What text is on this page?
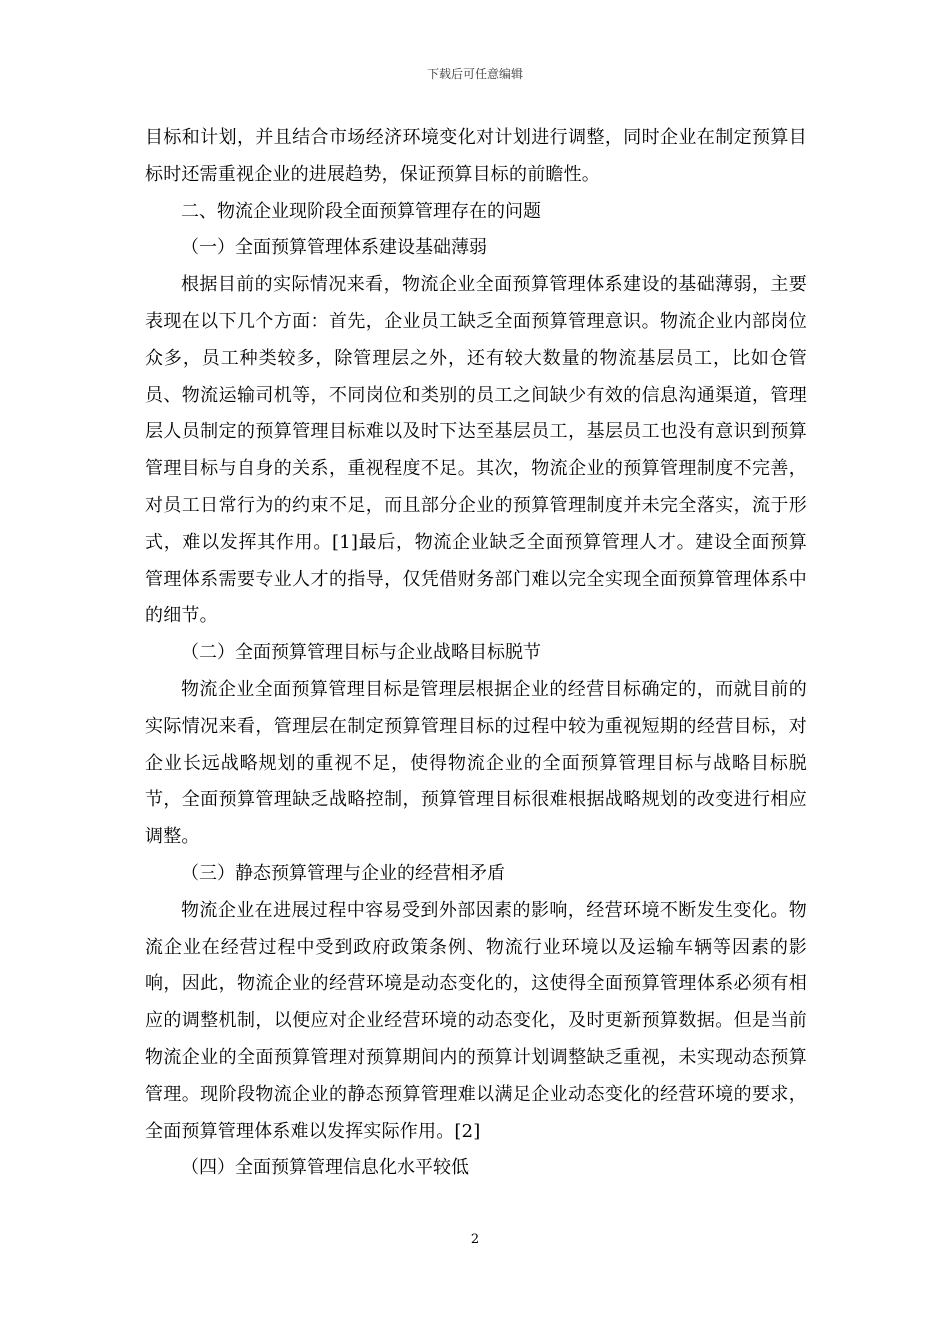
下载后可任意编辑

目标和计划，并且结合市场经济环境变化对计划进行调整，同时企业在制定预算目标时还需重视企业的进展趋势，保证预算目标的前瞻性。

二、物流企业现阶段全面预算管理存在的问题

（一）全面预算管理体系建设基础薄弱

根据目前的实际情况来看，物流企业全面预算管理体系建设的基础薄弱，主要表现在以下几个方面：首先，企业员工缺乏全面预算管理意识。物流企业内部岗位众多，员工种类较多，除管理层之外，还有较大数量的物流基层员工，比如仓管员、物流运输司机等，不同岗位和类别的员工之间缺少有效的信息沟通渠道，管理层人员制定的预算管理目标难以及时下达至基层员工，基层员工也没有意识到预算管理目标与自身的关系，重视程度不足。其次，物流企业的预算管理制度不完善，对员工日常行为的约束不足，而且部分企业的预算管理制度并未完全落实，流于形式，难以发挥其作用。[1]最后，物流企业缺乏全面预算管理人才。建设全面预算管理体系需要专业人才的指导，仅凭借财务部门难以完全实现全面预算管理体系中的细节。

（二）全面预算管理目标与企业战略目标脱节

物流企业全面预算管理目标是管理层根据企业的经营目标确定的，而就目前的实际情况来看，管理层在制定预算管理目标的过程中较为重视短期的经营目标，对企业长远战略规划的重视不足，使得物流企业的全面预算管理目标与战略目标脱节，全面预算管理缺乏战略控制，预算管理目标很难根据战略规划的改变进行相应调整。

（三）静态预算管理与企业的经营相矛盾

物流企业在进展过程中容易受到外部因素的影响，经营环境不断发生变化。物流企业在经营过程中受到政府政策条例、物流行业环境以及运输车辆等因素的影响，因此，物流企业的经营环境是动态变化的，这使得全面预算管理体系必须有相应的调整机制，以便应对企业经营环境的动态变化，及时更新预算数据。但是当前物流企业的全面预算管理对预算期间内的预算计划调整缺乏重视，未实现动态预算管理。现阶段物流企业的静态预算管理难以满足企业动态变化的经营环境的要求，全面预算管理体系难以发挥实际作用。[2]

（四）全面预算管理信息化水平较低

2
